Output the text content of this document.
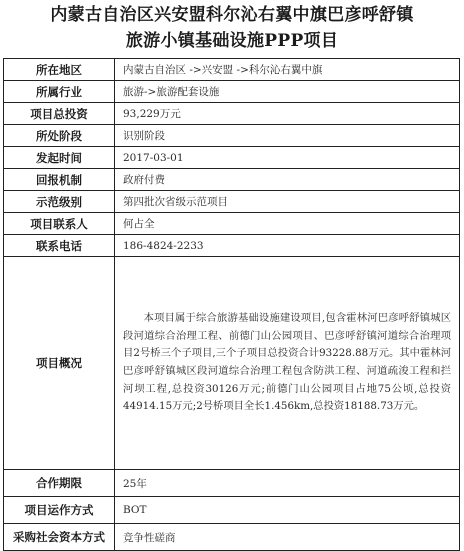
内蒙古自治区兴安盟科尔沁右翼中旗巴彦呼舒镇
旅游小镇基础设施PPP项目
所在地区	内蒙古自治区 ->兴安盟 ->科尔沁右翼中旗
所属行业	旅游->旅游配套设施
项目总投资	93,229万元
所处阶段	识别阶段
发起时间	2017-03-01
回报机制	政府付费
示范级别	第四批次省级示范项目
项目联系人	何占全
联系电话	186-4824-2233
项目概况	本项目属于综合旅游基础设施建设项目,包含霍林河巴彦呼舒镇城区段河道综合治理工程、前德门山公园项目、巴彦呼舒镇河道综合治理项目2号桥三个子项目,三个子项目总投资合计93228.88万元。其中霍林河巴彦呼舒镇城区段河道综合治理工程包含防洪工程、河道疏浚工程和拦河坝工程,总投资30126万元;前德门山公园项目占地75公顷,总投资44914.15万元;2号桥项目全长1.456km,总投资18188.73万元。

合作期限	25年
项目运作方式	BOT
采购社会资本方式	竞争性磋商
